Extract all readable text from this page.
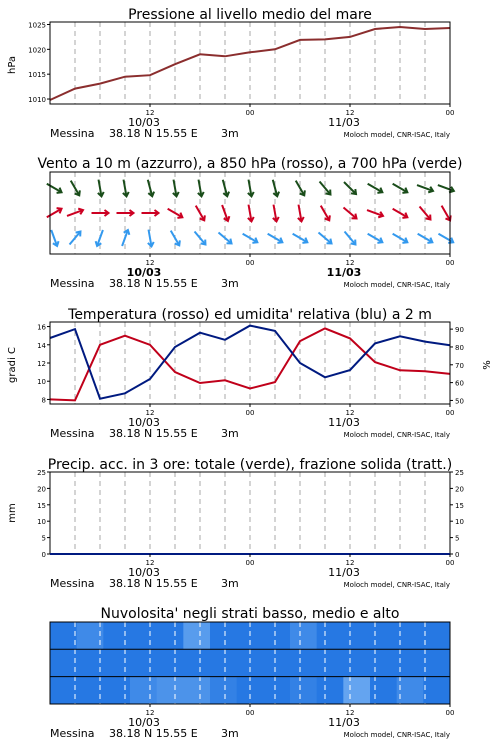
Pressione al livello medio del mare
hPa
1010
1015
1020
1025
12	00	12	00
10/03	11/03
Messina 38.18 N 15.55 E 3m	Moloch model, CNR-ISAC, Italy
Vento a 10 m (azzurro), a 850 hPa (rosso), a 700 hPa (verde)
12	00	12	00
10/03	11/03
Messina 38.18 N 15.55 E 3m	Moloch model, CNR-ISAC, Italy
Temperatura (rosso) ed umidita' relativa (blu) a 2 m
gradi C	%
8
10
12
14
16
50
60
70
80
90
12	00	12	00
10/03	11/03
Messina 38.18 N 15.55 E 3m	Moloch model, CNR-ISAC, Italy
Precip. acc. in 3 ore: totale (verde), frazione solida (tratt.)
mm
0
5
10
15
20
25
0
5
10
15
20
25
12	00	12	00
10/03	11/03
Messina 38.18 N 15.55 E 3m	Moloch model, CNR-ISAC, Italy
Nuvolosita' negli strati basso, medio e alto
12	00	12	00
10/03	11/03
Messina 38.18 N 15.55 E 3m	Moloch model, CNR-ISAC, Italy
